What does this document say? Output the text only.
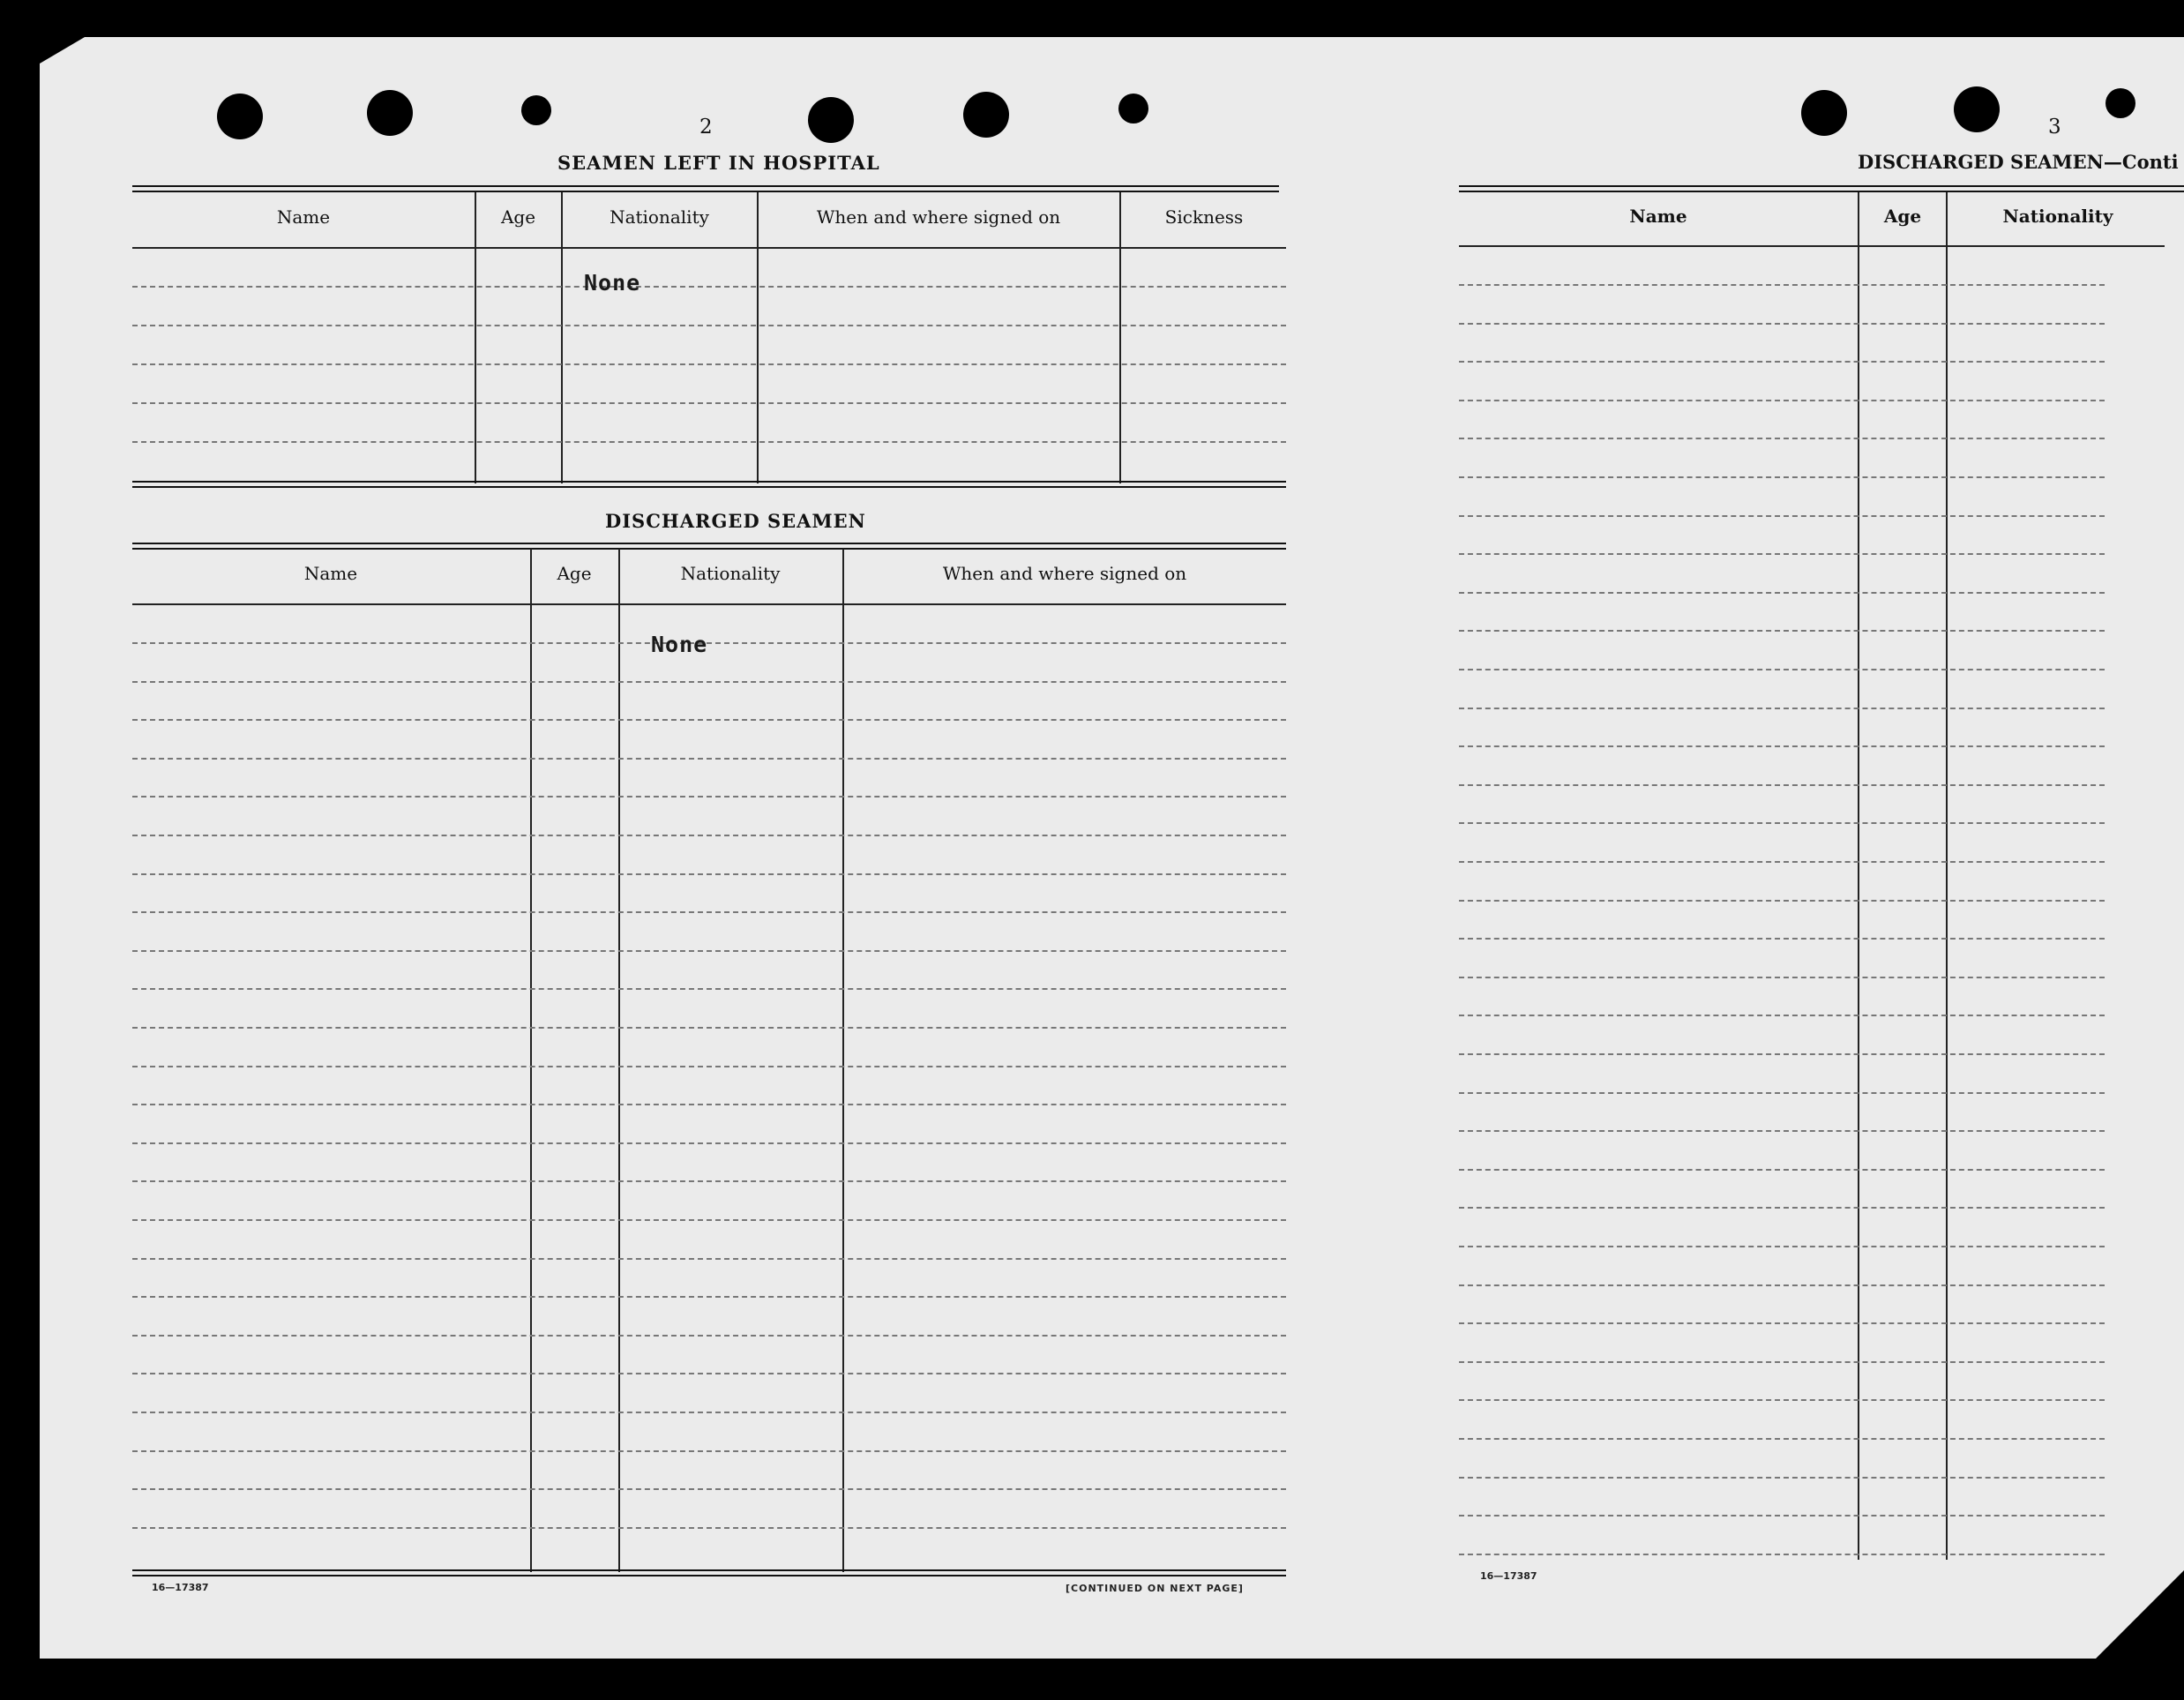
2
SEAMEN LEFT IN HOSPITAL
Name	Age	Nationality	When and where signed on	Sickness
None
DISCHARGED SEAMEN
Name	Age	Nationality	When and where signed on
None
16—17387	[CONTINUED ON NEXT PAGE]
3
DISCHARGED SEAMEN—Conti
Name	Age	Nationality
16—17387
